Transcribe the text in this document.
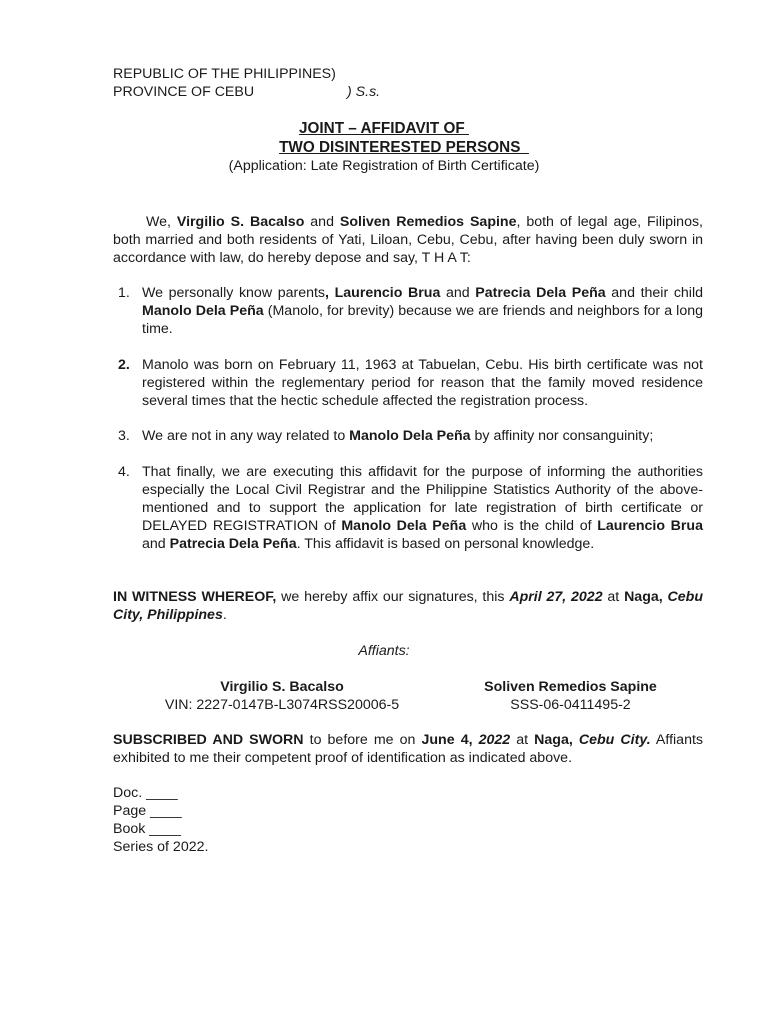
REPUBLIC OF THE PHILIPPINES)
PROVINCE OF CEBU	) S.s.
JOINT – AFFIDAVIT OF
TWO DISINTERESTED PERSONS
(Application: Late Registration of Birth Certificate)
We, Virgilio S. Bacalso and Soliven Remedios Sapine, both of legal age, Filipinos, both married and both residents of Yati, Liloan, Cebu, Cebu, after having been duly sworn in accordance with law, do hereby depose and say, T H A T:
1. We personally know parents, Laurencio Brua and Patrecia Dela Peña and their child Manolo Dela Peña (Manolo, for brevity) because we are friends and neighbors for a long time.
2. Manolo was born on February 11, 1963 at Tabuelan, Cebu. His birth certificate was not registered within the reglementary period for reason that the family moved residence several times that the hectic schedule affected the registration process.
3. We are not in any way related to Manolo Dela Peña by affinity nor consanguinity;
4. That finally, we are executing this affidavit for the purpose of informing the authorities especially the Local Civil Registrar and the Philippine Statistics Authority of the above-mentioned and to support the application for late registration of birth certificate or DELAYED REGISTRATION of Manolo Dela Peña who is the child of Laurencio Brua and Patrecia Dela Peña. This affidavit is based on personal knowledge.
IN WITNESS WHEREOF, we hereby affix our signatures, this April 27, 2022 at Naga, Cebu City, Philippines.
Affiants:
Virgilio S. Bacalso
VIN: 2227-0147B-L3074RSS20006-5
Soliven Remedios Sapine
SSS-06-0411495-2
SUBSCRIBED AND SWORN to before me on June 4, 2022 at Naga, Cebu City. Affiants exhibited to me their competent proof of identification as indicated above.
Doc. ____
Page ____
Book ____
Series of 2022.
